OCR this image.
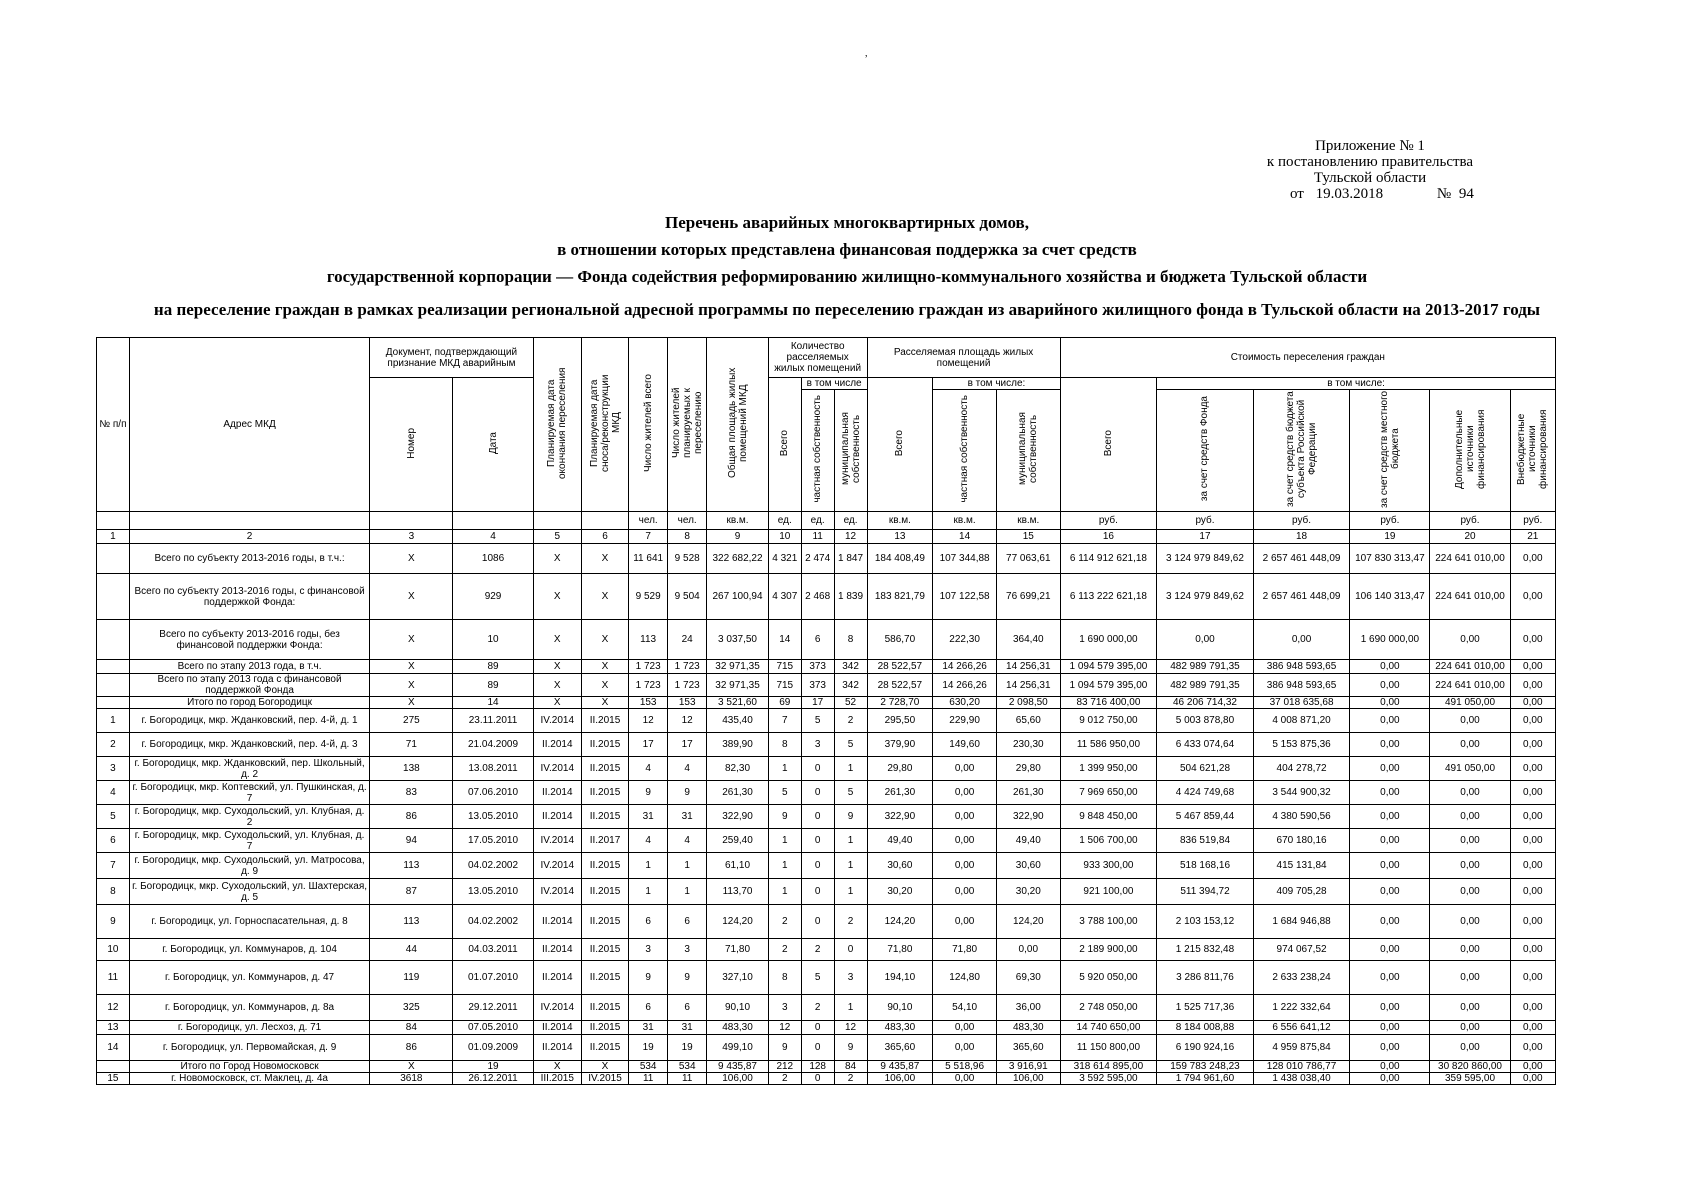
,
Приложение № 1
к постановлению правительства
Тульской области
от 19.03.2018	№ 94
Перечень аварийных многоквартирных домов,
в отношении которых представлена финансовая поддержка за счет средств
государственной корпорации — Фонда содействия реформированию жилищно-коммунального хозяйства и бюджета Тульской области
на переселение граждан в рамках реализации региональной адресной программы по переселению граждан из аварийного жилищного фонда в Тульской области на 2013-2017 годы
№ п/п	Адрес МКД	Документ, подтверждающий признание МКД аварийным		Планируемая дата окончания переселения	Планируемая дата сноса/реконструкции МКД	Число жителей всего	Число жителей планируемых к переселению	Общая площадь жилых помещений МКД	Количество расселяемых жилых помещений			Расселяемая площадь жилых помещений			Стоимость переселения граждан					
		Номер	Дата						Всего	в том числе		Всего	в том числе:		Всего	в том числе:				
										частная собственность	муниципальная собственность		частная собственность	муниципальная собственность		за счет средств Фонда	за счет средств бюджета субъекта Российской Федерации	за счет средств местного бюджета	Дополнительные источники финансирования	Внебюджетные источники финансирования
						чел.	чел.	кв.м.	ед.	ед.	ед.	кв.м.	кв.м.	кв.м.	руб.	руб.	руб.	руб.	руб.	руб.
1	2	3	4	5	6	7	8	9	10	11	12	13	14	15	16	17	18	19	20	21
	Всего по субъекту 2013-2016 годы, в т.ч.:	X	1086	X	X	11 641	9 528	322 682,22	4 321	2 474	1 847	184 408,49	107 344,88	77 063,61	6 114 912 621,18	3 124 979 849,62	2 657 461 448,09	107 830 313,47	224 641 010,00	0,00
	Всего по субъекту 2013-2016 годы, с финансовой поддержкой Фонда:	X	929	X	X	9 529	9 504	267 100,94	4 307	2 468	1 839	183 821,79	107 122,58	76 699,21	6 113 222 621,18	3 124 979 849,62	2 657 461 448,09	106 140 313,47	224 641 010,00	0,00
	Всего по субъекту 2013-2016 годы, без финансовой поддержки Фонда:	X	10	X	X	113	24	3 037,50	14	6	8	586,70	222,30	364,40	1 690 000,00	0,00	0,00	1 690 000,00	0,00	0,00
	Всего по этапу 2013 года, в т.ч.	X	89	X	X	1 723	1 723	32 971,35	715	373	342	28 522,57	14 266,26	14 256,31	1 094 579 395,00	482 989 791,35	386 948 593,65	0,00	224 641 010,00	0,00
	Всего по этапу 2013 года с финансовой поддержкой Фонда	X	89	X	X	1 723	1 723	32 971,35	715	373	342	28 522,57	14 266,26	14 256,31	1 094 579 395,00	482 989 791,35	386 948 593,65	0,00	224 641 010,00	0,00
	Итого по город Богородицк	X	14	X	X	153	153	3 521,60	69	17	52	2 728,70	630,20	2 098,50	83 716 400,00	46 206 714,32	37 018 635,68	0,00	491 050,00	0,00
1	г. Богородицк, мкр. Жданковский, пер. 4-й, д. 1	275	23.11.2011	IV.2014	II.2015	12	12	435,40	7	5	2	295,50	229,90	65,60	9 012 750,00	5 003 878,80	4 008 871,20	0,00	0,00	0,00
2	г. Богородицк, мкр. Жданковский, пер. 4-й, д. 3	71	21.04.2009	II.2014	II.2015	17	17	389,90	8	3	5	379,90	149,60	230,30	11 586 950,00	6 433 074,64	5 153 875,36	0,00	0,00	0,00
3	г. Богородицк, мкр. Жданковский, пер. Школьный, д. 2	138	13.08.2011	IV.2014	II.2015	4	4	82,30	1	0	1	29,80	0,00	29,80	1 399 950,00	504 621,28	404 278,72	0,00	491 050,00	0,00
4	г. Богородицк, мкр. Коптевский, ул. Пушкинская, д. 7	83	07.06.2010	II.2014	II.2015	9	9	261,30	5	0	5	261,30	0,00	261,30	7 969 650,00	4 424 749,68	3 544 900,32	0,00	0,00	0,00
5	г. Богородицк, мкр. Суходольский, ул. Клубная, д. 2	86	13.05.2010	II.2014	II.2015	31	31	322,90	9	0	9	322,90	0,00	322,90	9 848 450,00	5 467 859,44	4 380 590,56	0,00	0,00	0,00
6	г. Богородицк, мкр. Суходольский, ул. Клубная, д. 7	94	17.05.2010	IV.2014	II.2017	4	4	259,40	1	0	1	49,40	0,00	49,40	1 506 700,00	836 519,84	670 180,16	0,00	0,00	0,00
7	г. Богородицк, мкр. Суходольский, ул. Матросова, д. 9	113	04.02.2002	IV.2014	II.2015	1	1	61,10	1	0	1	30,60	0,00	30,60	933 300,00	518 168,16	415 131,84	0,00	0,00	0,00
8	г. Богородицк, мкр. Суходольский, ул. Шахтерская, д. 5	87	13.05.2010	IV.2014	II.2015	1	1	113,70	1	0	1	30,20	0,00	30,20	921 100,00	511 394,72	409 705,28	0,00	0,00	0,00
9	г. Богородицк, ул. Горноспасательная, д. 8	113	04.02.2002	II.2014	II.2015	6	6	124,20	2	0	2	124,20	0,00	124,20	3 788 100,00	2 103 153,12	1 684 946,88	0,00	0,00	0,00
10	г. Богородицк, ул. Коммунаров, д. 104	44	04.03.2011	II.2014	II.2015	3	3	71,80	2	2	0	71,80	71,80	0,00	2 189 900,00	1 215 832,48	974 067,52	0,00	0,00	0,00
11	г. Богородицк, ул. Коммунаров, д. 47	119	01.07.2010	II.2014	II.2015	9	9	327,10	8	5	3	194,10	124,80	69,30	5 920 050,00	3 286 811,76	2 633 238,24	0,00	0,00	0,00
12	г. Богородицк, ул. Коммунаров, д. 8а	325	29.12.2011	IV.2014	II.2015	6	6	90,10	3	2	1	90,10	54,10	36,00	2 748 050,00	1 525 717,36	1 222 332,64	0,00	0,00	0,00
13	г. Богородицк, ул. Лесхоз, д. 71	84	07.05.2010	II.2014	II.2015	31	31	483,30	12	0	12	483,30	0,00	483,30	14 740 650,00	8 184 008,88	6 556 641,12	0,00	0,00	0,00
14	г. Богородицк, ул. Первомайская, д. 9	86	01.09.2009	II.2014	II.2015	19	19	499,10	9	0	9	365,60	0,00	365,60	11 150 800,00	6 190 924,16	4 959 875,84	0,00	0,00	0,00
	Итого по Город Новомосковск	X	19	X	X	534	534	9 435,87	212	128	84	9 435,87	5 518,96	3 916,91	318 614 895,00	159 783 248,23	128 010 786,77	0,00	30 820 860,00	0,00
15	г. Новомосковск, ст. Маклец, д. 4а	3618	26.12.2011	III.2015	IV.2015	11	11	106,00	2	0	2	106,00	0,00	106,00	3 592 595,00	1 794 961,60	1 438 038,40	0,00	359 595,00	0,00
